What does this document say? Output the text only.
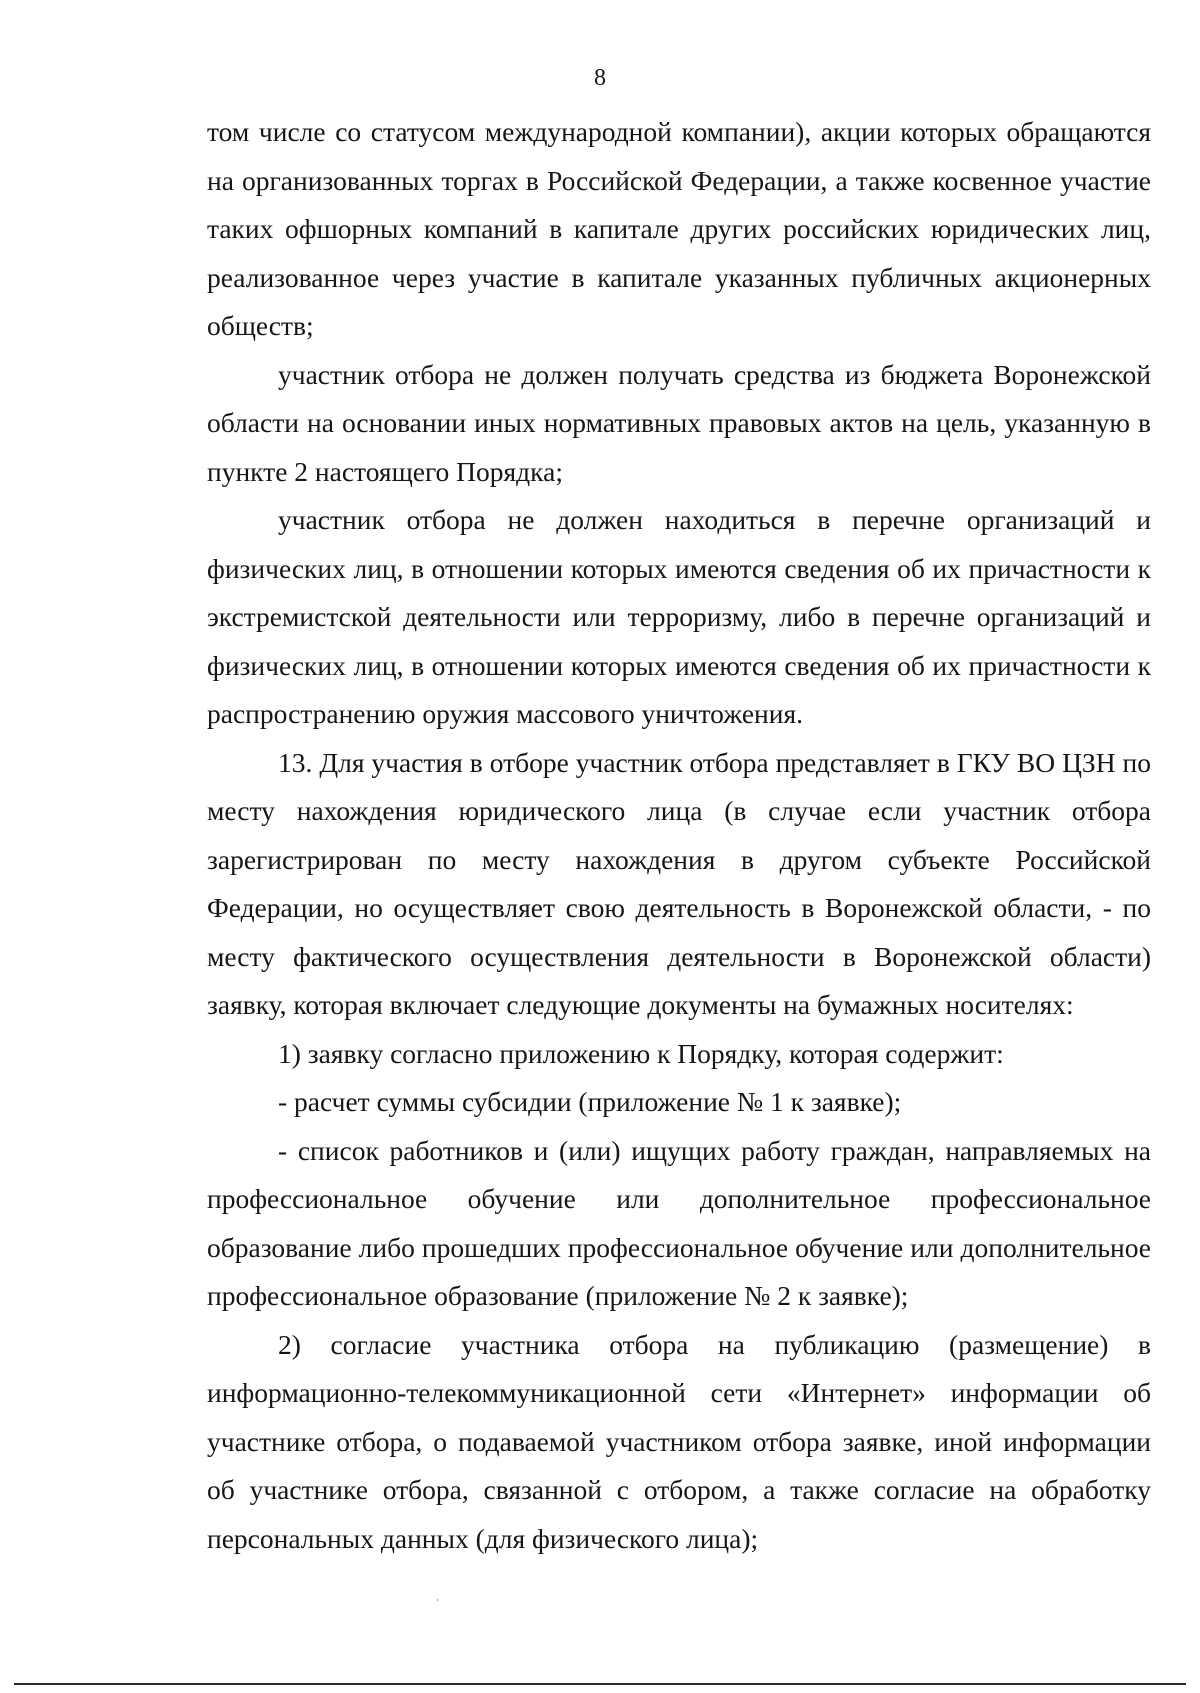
8

том числе со статусом международной компании), акции которых обращаются на организованных торгах в Российской Федерации, а также косвенное участие таких офшорных компаний в капитале других российских юридических лиц, реализованное через участие в капитале указанных публичных акционерных обществ;

участник отбора не должен получать средства из бюджета Воронежской области на основании иных нормативных правовых актов на цель, указанную в пункте 2 настоящего Порядка;

участник отбора не должен находиться в перечне организаций и физических лиц, в отношении которых имеются сведения об их причастности к экстремистской деятельности или терроризму, либо в перечне организаций и физических лиц, в отношении которых имеются сведения об их причастности к распространению оружия массового уничтожения.

13. Для участия в отборе участник отбора представляет в ГКУ ВО ЦЗН по месту нахождения юридического лица (в случае если участник отбора зарегистрирован по месту нахождения в другом субъекте Российской Федерации, но осуществляет свою деятельность в Воронежской области, - по месту фактического осуществления деятельности в Воронежской области) заявку, которая включает следующие документы на бумажных носителях:

1) заявку согласно приложению к Порядку, которая содержит:

- расчет суммы субсидии (приложение № 1 к заявке);

- список работников и (или) ищущих работу граждан, направляемых на профессиональное обучение или дополнительное профессиональное образование либо прошедших профессиональное обучение или дополнительное профессиональное образование (приложение № 2 к заявке);

2) согласие участника отбора на публикацию (размещение) в информационно-телекоммуникационной сети «Интернет» информации об участнике отбора, о подаваемой участником отбора заявке, иной информации об участнике отбора, связанной с отбором, а также согласие на обработку персональных данных (для физического лица);
